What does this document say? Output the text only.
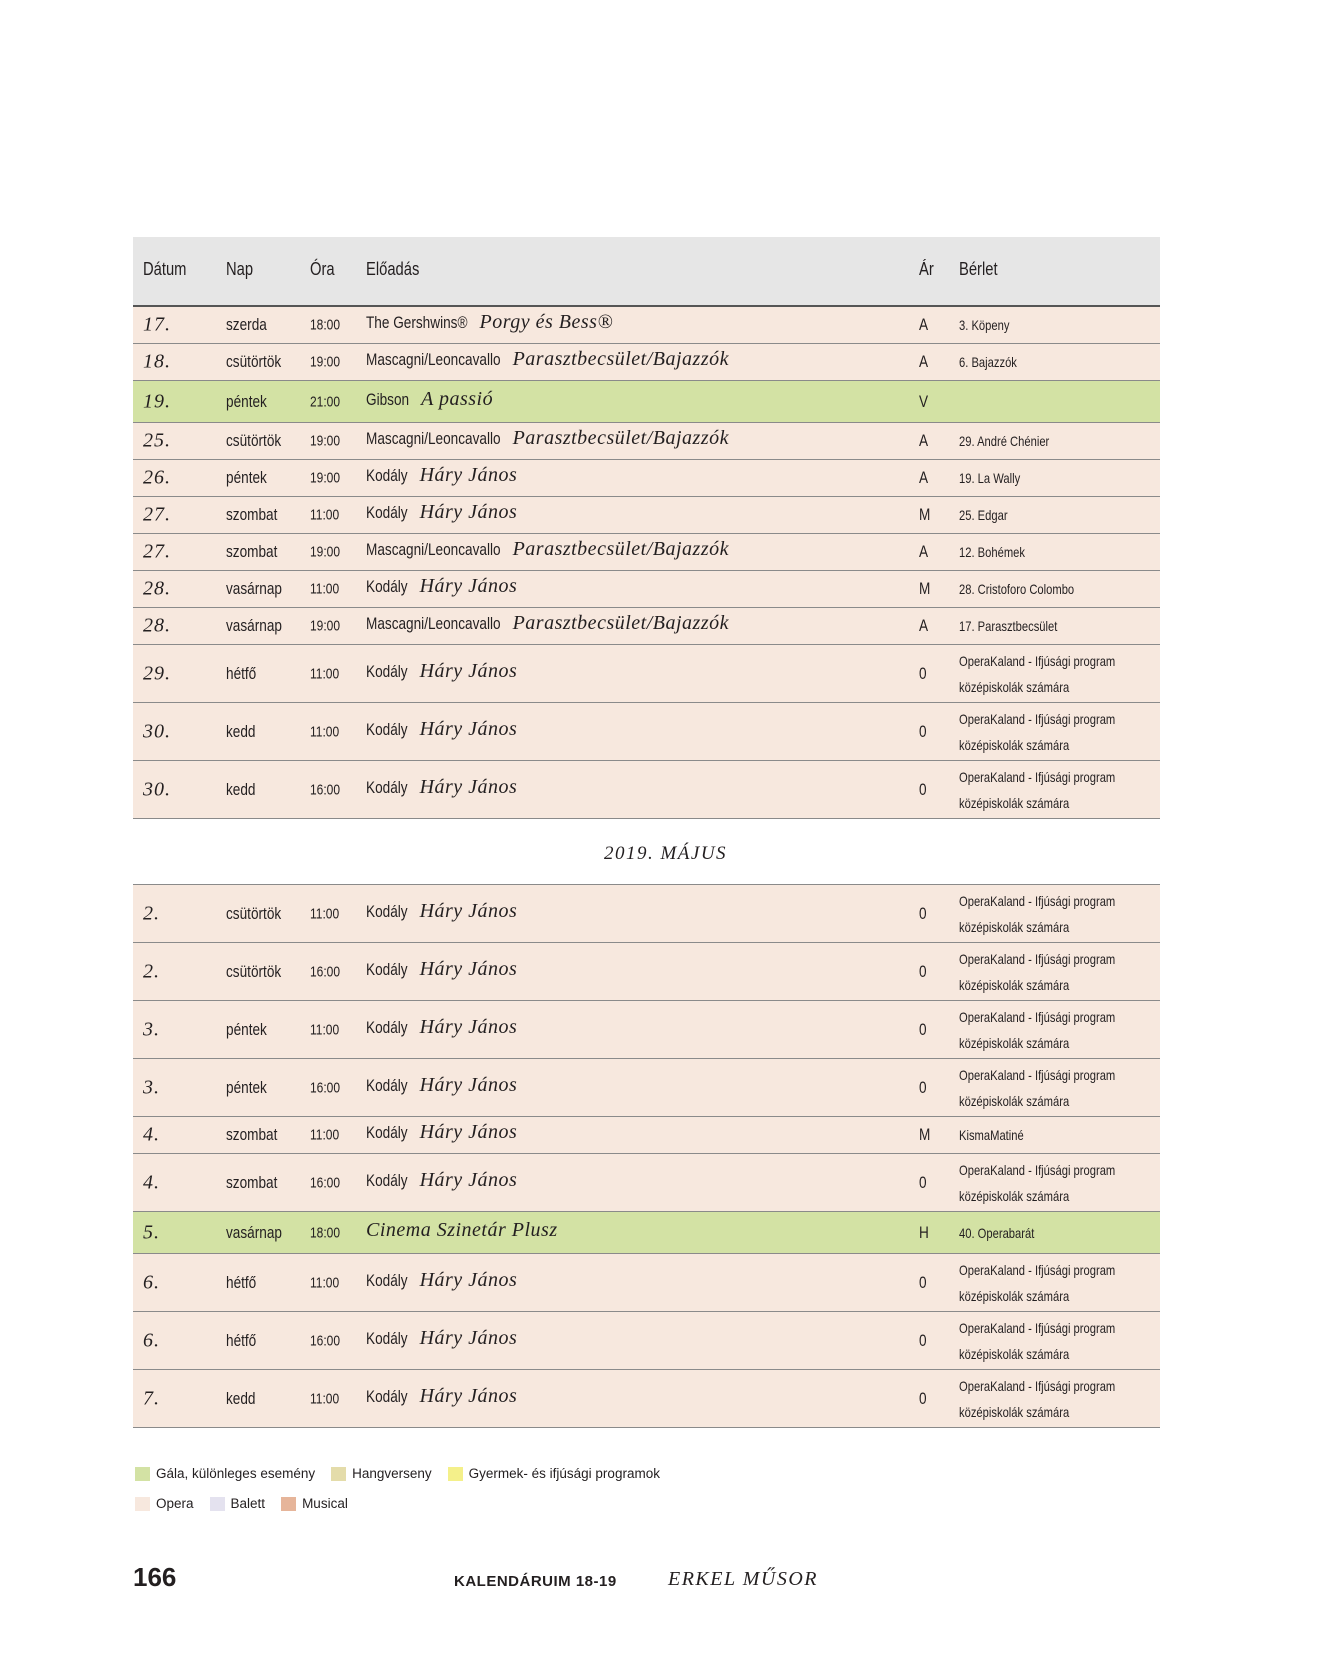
Dátum Nap	Óra Előadás	Ár Bérlet
17.	szerda	18:00	The Gershwins® Porgy és Bess®	A 3. Köpeny
18.	csütörtök	19:00	Mascagni/Leoncavallo Parasztbecsület/Bajazzók	A 6. Bajazzók
19.	péntek	21:00	Gibson A passió	V
25.	csütörtök	19:00	Mascagni/Leoncavallo Parasztbecsület/Bajazzók	A 29. André Chénier
26.	péntek	19:00	Kodály Háry János	A 19. La Wally
27.	szombat	11:00	Kodály Háry János	M 25. Edgar
27.	szombat	19:00	Mascagni/Leoncavallo Parasztbecsület/Bajazzók	A 12. Bohémek
28.	vasárnap	11:00	Kodály Háry János	M 28. Cristoforo Colombo
28.	vasárnap	19:00	Mascagni/Leoncavallo Parasztbecsület/Bajazzók	A 17. Parasztbecsület
29.	hétfő	11:00	Kodály Háry János	0
OperaKaland - Ifjúsági program
középiskolák számára
30.	kedd	11:00	Kodály Háry János	0
OperaKaland - Ifjúsági program
középiskolák számára
30.	kedd	16:00	Kodály Háry János	0
OperaKaland - Ifjúsági program
középiskolák számára
2019. MÁJUS
2.	csütörtök	11:00	Kodály Háry János	0
OperaKaland - Ifjúsági program
középiskolák számára
2.	csütörtök	16:00	Kodály Háry János	0
OperaKaland - Ifjúsági program
középiskolák számára
3.	péntek	11:00	Kodály Háry János	0
OperaKaland - Ifjúsági program
középiskolák számára
3.	péntek	16:00	Kodály Háry János	0
OperaKaland - Ifjúsági program
középiskolák számára
4.	szombat	11:00	Kodály Háry János	M KismaMatiné
4.	szombat	16:00	Kodály Háry János	0
OperaKaland - Ifjúsági program
középiskolák számára
5.	vasárnap	18:00	Cinema Szinetár Plusz	H 40. Operabarát
6.	hétfő	11:00	Kodály Háry János	0
OperaKaland - Ifjúsági program
középiskolák számára
6.	hétfő	16:00	Kodály Háry János	0
OperaKaland - Ifjúsági program
középiskolák számára
7.	kedd	11:00	Kodály Háry János	0
OperaKaland - Ifjúsági program
középiskolák számára
Gála, különleges esemény	Hangverseny	Gyermek- és ifjúsági programok
Opera	Balett	Musical
166	KALENDÁRUIM 18-19	ERKEL MŰSOR
